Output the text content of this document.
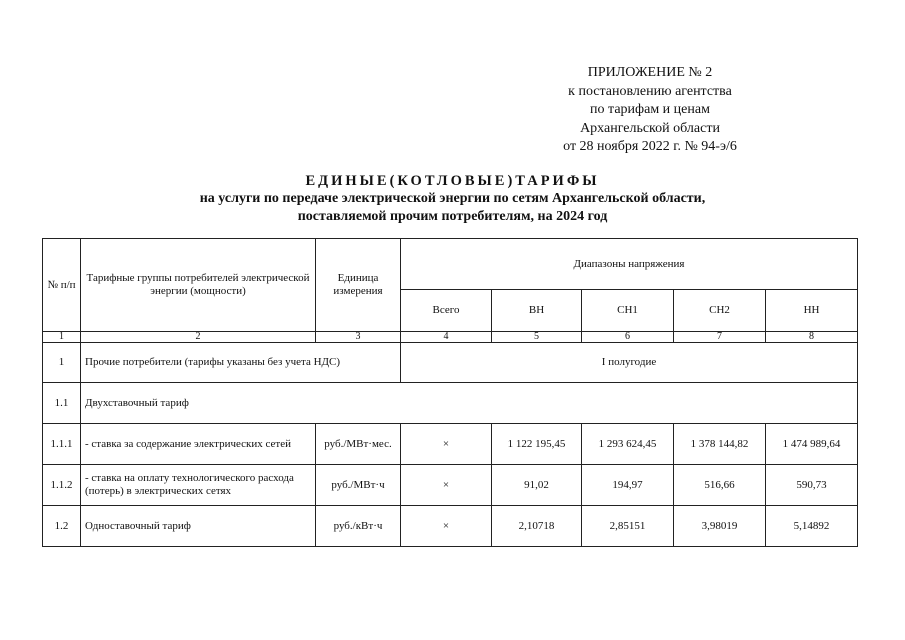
ПРИЛОЖЕНИЕ № 2
к постановлению агентства
по тарифам и ценам
Архангельской области
от 28 ноября 2022 г. № 94-э/6
ЕДИНЫЕ(КОТЛОВЫЕ)ТАРИФЫ
на услуги по передаче электрической энергии по сетям Архангельской области,
поставляемой прочим потребителям, на 2024 год
№ п/п	Тарифные группы потребителей электрической энергии (мощности)	Единица измерения	Диапазоны напряжения				
			Всего	ВН	СН1	СН2	НН
1	2	3	4	5	6	7	8
1	Прочие потребители (тарифы указаны без учета НДС)		I полугодие				
1.1	Двухставочный тариф						
1.1.1	- ставка за содержание электрических сетей	руб./МВт·мес.	×	1 122 195,45	1 293 624,45	1 378 144,82	1 474 989,64
1.1.2	- ставка на оплату технологического расхода (потерь) в электрических сетях	руб./МВт·ч	×	91,02	194,97	516,66	590,73
1.2	Одноставочный тариф	руб./кВт·ч	×	2,10718	2,85151	3,98019	5,14892
